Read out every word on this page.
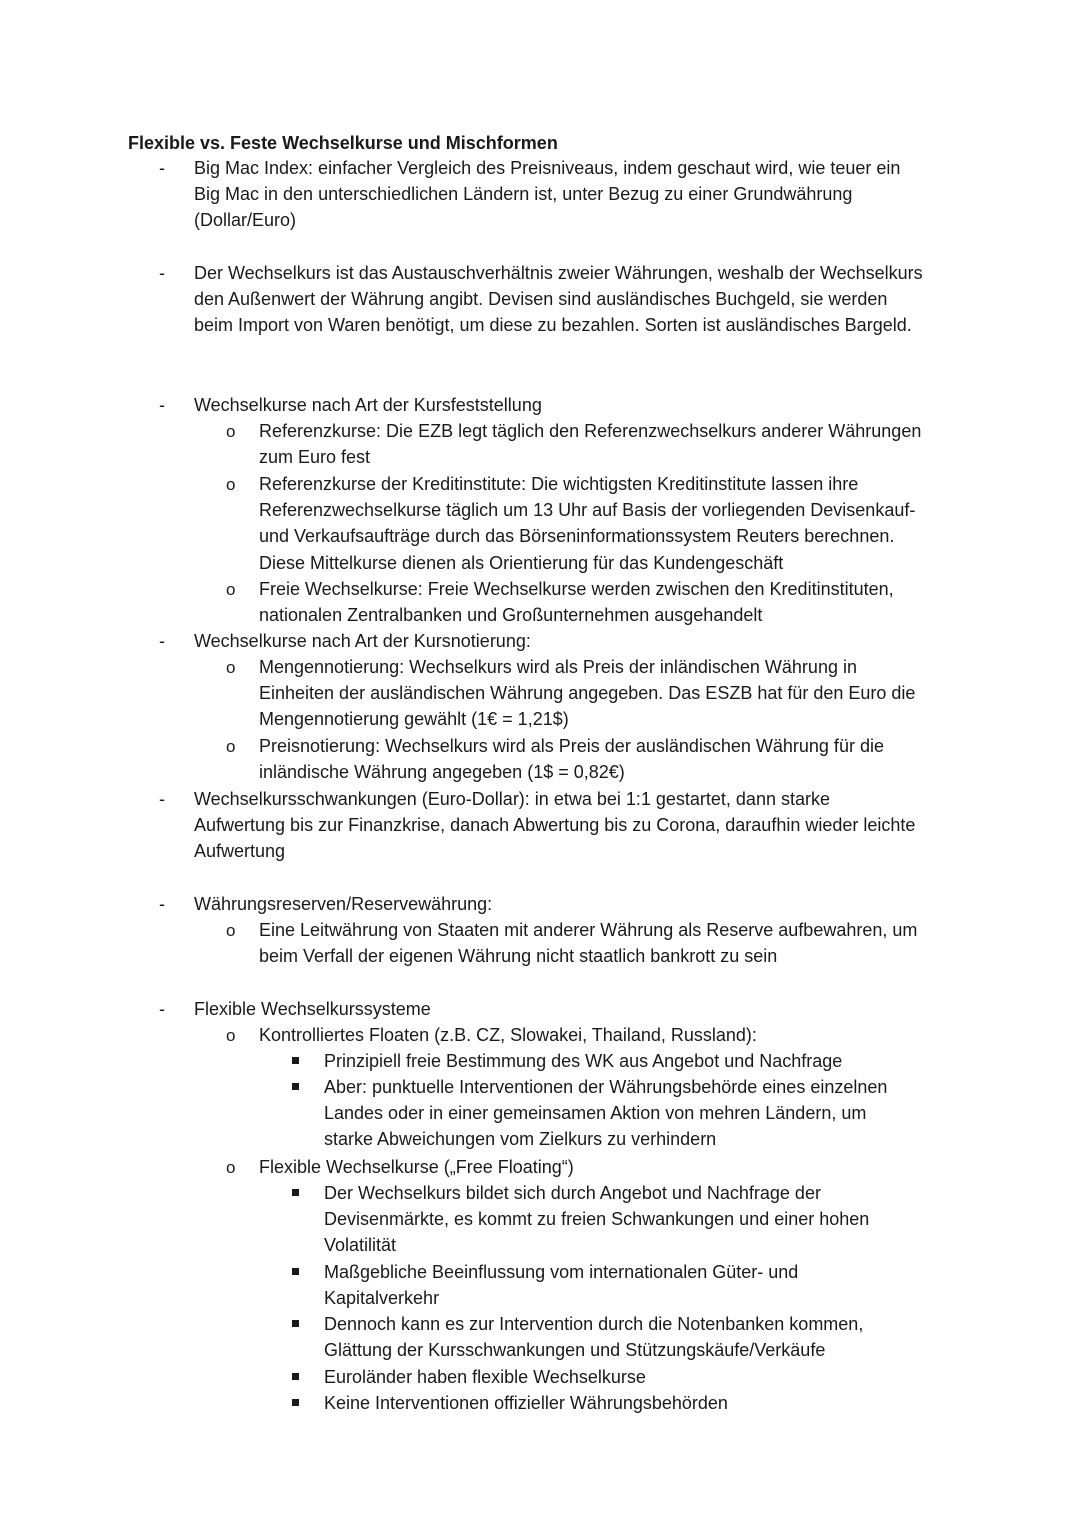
Flexible vs. Feste Wechselkurse und Mischformen
- Big Mac Index: einfacher Vergleich des Preisniveaus, indem geschaut wird, wie teuer ein Big Mac in den unterschiedlichen Ländern ist, unter Bezug zu einer Grundwährung (Dollar/Euro)
- Der Wechselkurs ist das Austauschverhältnis zweier Währungen, weshalb der Wechselkurs den Außenwert der Währung angibt. Devisen sind ausländisches Buchgeld, sie werden beim Import von Waren benötigt, um diese zu bezahlen. Sorten ist ausländisches Bargeld.
- Wechselkurse nach Art der Kursfeststellung
o Referenzkurse: Die EZB legt täglich den Referenzwechselkurs anderer Währungen zum Euro fest
o Referenzkurse der Kreditinstitute: Die wichtigsten Kreditinstitute lassen ihre Referenzwechselkurse täglich um 13 Uhr auf Basis der vorliegenden Devisenkauf- und Verkaufsaufträge durch das Börseninformationssystem Reuters berechnen. Diese Mittelkurse dienen als Orientierung für das Kundengeschäft
o Freie Wechselkurse: Freie Wechselkurse werden zwischen den Kreditinstituten, nationalen Zentralbanken und Großunternehmen ausgehandelt
- Wechselkurse nach Art der Kursnotierung:
o Mengennotierung: Wechselkurs wird als Preis der inländischen Währung in Einheiten der ausländischen Währung angegeben. Das ESZB hat für den Euro die Mengennotierung gewählt (1€ = 1,21$)
o Preisnotierung: Wechselkurs wird als Preis der ausländischen Währung für die inländische Währung angegeben (1$ = 0,82€)
- Wechselkursschwankungen (Euro-Dollar): in etwa bei 1:1 gestartet, dann starke Aufwertung bis zur Finanzkrise, danach Abwertung bis zu Corona, daraufhin wieder leichte Aufwertung
- Währungsreserven/Reservewährung:
o Eine Leitwährung von Staaten mit anderer Währung als Reserve aufbewahren, um beim Verfall der eigenen Währung nicht staatlich bankrott zu sein
- Flexible Wechselkurssysteme
o Kontrolliertes Floaten (z.B. CZ, Slowakei, Thailand, Russland):
Prinzipiell freie Bestimmung des WK aus Angebot und Nachfrage
Aber: punktuelle Interventionen der Währungsbehörde eines einzelnen Landes oder in einer gemeinsamen Aktion von mehren Ländern, um starke Abweichungen vom Zielkurs zu verhindern
o Flexible Wechselkurse („Free Floating“)
Der Wechselkurs bildet sich durch Angebot und Nachfrage der Devisenmärkte, es kommt zu freien Schwankungen und einer hohen Volatilität
Maßgebliche Beeinflussung vom internationalen Güter- und Kapitalverkehr
Dennoch kann es zur Intervention durch die Notenbanken kommen, Glättung der Kursschwankungen und Stützungskäufe/Verkäufe
Euroländer haben flexible Wechselkurse
Keine Interventionen offizieller Währungsbehörden
